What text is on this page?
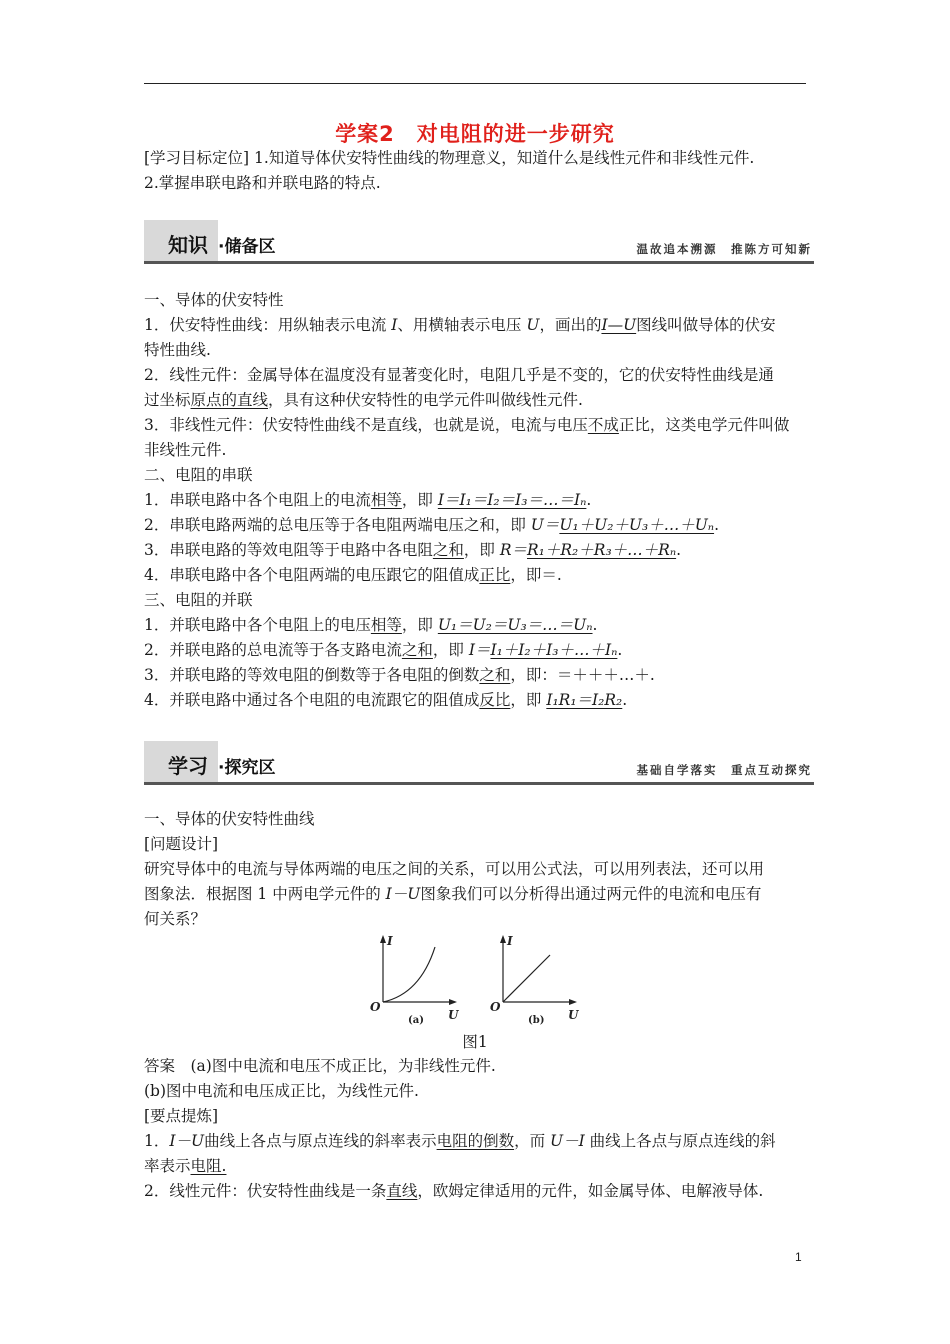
学案2　对电阻的进一步研究
[学习目标定位] 1.知道导体伏安特性曲线的物理意义，知道什么是线性元件和非线性元件.
2.掌握串联电路和并联电路的特点.
知识 ·储备区	温故追本溯源　推陈方可知新
一、导体的伏安特性
1．伏安特性曲线：用纵轴表示电流 I、用横轴表示电压 U，画出的I—U图线叫做导体的伏安
特性曲线.
2．线性元件：金属导体在温度没有显著变化时，电阻几乎是不变的，它的伏安特性曲线是通
过坐标原点的直线，具有这种伏安特性的电学元件叫做线性元件.
3．非线性元件：伏安特性曲线不是直线，也就是说，电流与电压不成正比，这类电学元件叫做
非线性元件.
二、电阻的串联
1．串联电路中各个电阻上的电流相等，即 I＝I₁＝I₂＝I₃＝…＝Iₙ.
2．串联电路两端的总电压等于各电阻两端电压之和，即 U＝U₁＋U₂＋U₃＋…＋Uₙ.
3．串联电路的等效电阻等于电路中各电阻之和，即 R＝R₁＋R₂＋R₃＋…＋Rₙ.
4．串联电路中各个电阻两端的电压跟它的阻值成正比，即＝.
三、电阻的并联
1．并联电路中各个电阻上的电压相等，即 U₁＝U₂＝U₃＝…＝Uₙ.
2．并联电路的总电流等于各支路电流之和，即 I＝I₁＋I₂＋I₃＋…＋Iₙ.
3．并联电路的等效电阻的倒数等于各电阻的倒数之和，即：＝＋＋＋…＋.
4．并联电路中通过各个电阻的电流跟它的阻值成反比，即 I₁R₁＝I₂R₂.
学习 ·探究区	基础自学落实　重点互动探究
一、导体的伏安特性曲线
[问题设计]
研究导体中的电流与导体两端的电压之间的关系，可以用公式法，可以用列表法，还可以用
图象法．根据图 1 中两电学元件的 I－U图象我们可以分析得出通过两元件的电流和电压有
何关系？
I
U
O
(a)
I
U
O
(b)
图1
答案　(a)图中电流和电压不成正比，为非线性元件.
(b)图中电流和电压成正比，为线性元件.
[要点提炼]
1．I－U曲线上各点与原点连线的斜率表示电阻的倒数，而 U－I 曲线上各点与原点连线的斜
率表示电阻.
2．线性元件：伏安特性曲线是一条直线，欧姆定律适用的元件，如金属导体、电解液导体.
1
